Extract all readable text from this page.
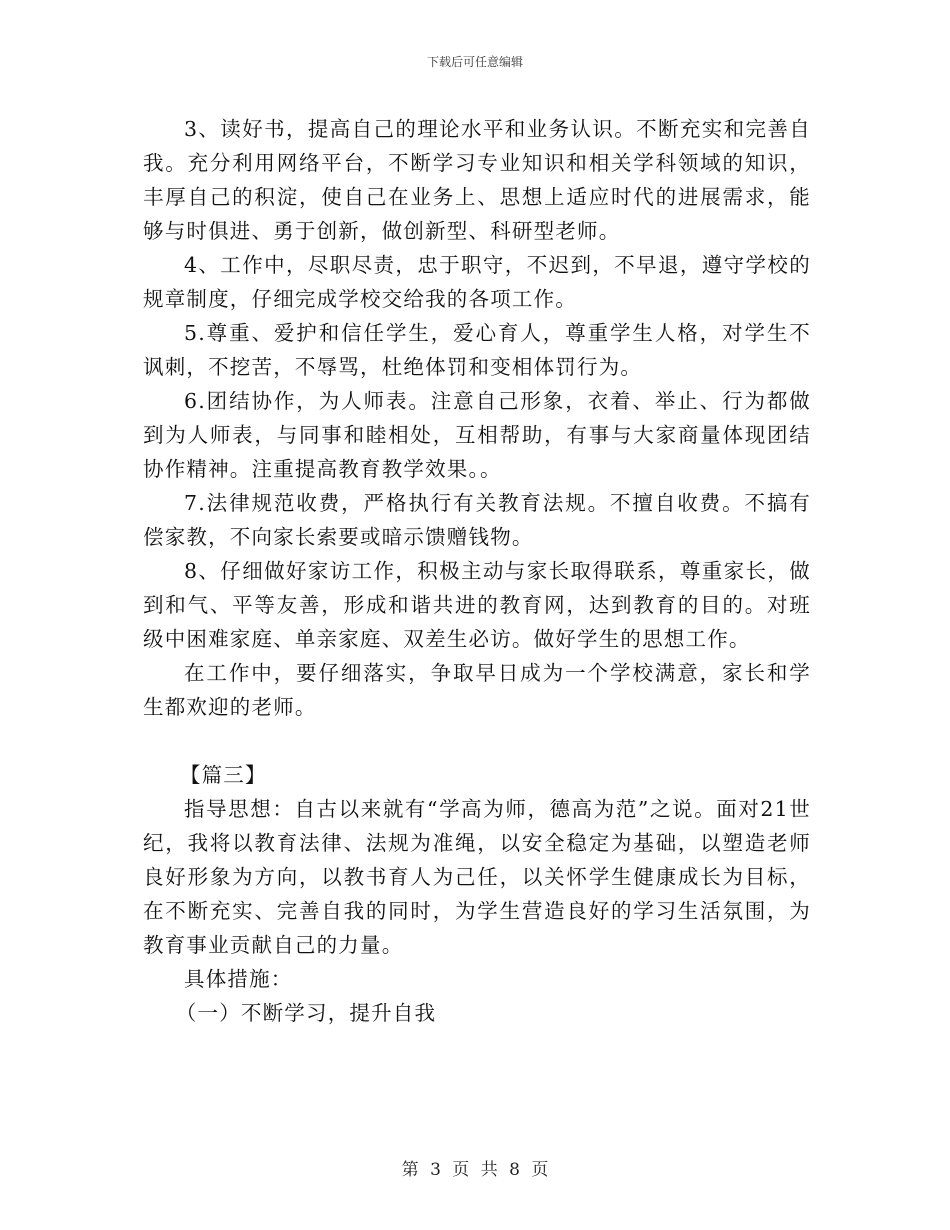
下载后可任意编辑

3、读好书，提高自己的理论水平和业务认识。不断充实和完善自我。充分利用网络平台，不断学习专业知识和相关学科领域的知识，丰厚自己的积淀，使自己在业务上、思想上适应时代的进展需求，能够与时俱进、勇于创新，做创新型、科研型老师。

4、工作中，尽职尽责，忠于职守，不迟到，不早退，遵守学校的规章制度，仔细完成学校交给我的各项工作。

5.尊重、爱护和信任学生，爱心育人，尊重学生人格，对学生不讽刺，不挖苦，不辱骂，杜绝体罚和变相体罚行为。

6.团结协作，为人师表。注意自己形象，衣着、举止、行为都做到为人师表，与同事和睦相处，互相帮助，有事与大家商量体现团结协作精神。注重提高教育教学效果。。

7.法律规范收费，严格执行有关教育法规。不擅自收费。不搞有偿家教，不向家长索要或暗示馈赠钱物。

8、仔细做好家访工作，积极主动与家长取得联系，尊重家长，做到和气、平等友善，形成和谐共进的教育网，达到教育的目的。对班级中困难家庭、单亲家庭、双差生必访。做好学生的思想工作。

在工作中，要仔细落实，争取早日成为一个学校满意，家长和学生都欢迎的老师。

【篇三】

指导思想：自古以来就有“学高为师，德高为范”之说。面对21世纪，我将以教育法律、法规为准绳，以安全稳定为基础，以塑造老师良好形象为方向，以教书育人为己任，以关怀学生健康成长为目标，在不断充实、完善自我的同时，为学生营造良好的学习生活氛围，为教育事业贡献自己的力量。

具体措施：

（一）不断学习，提升自我

第 3 页 共 8 页
